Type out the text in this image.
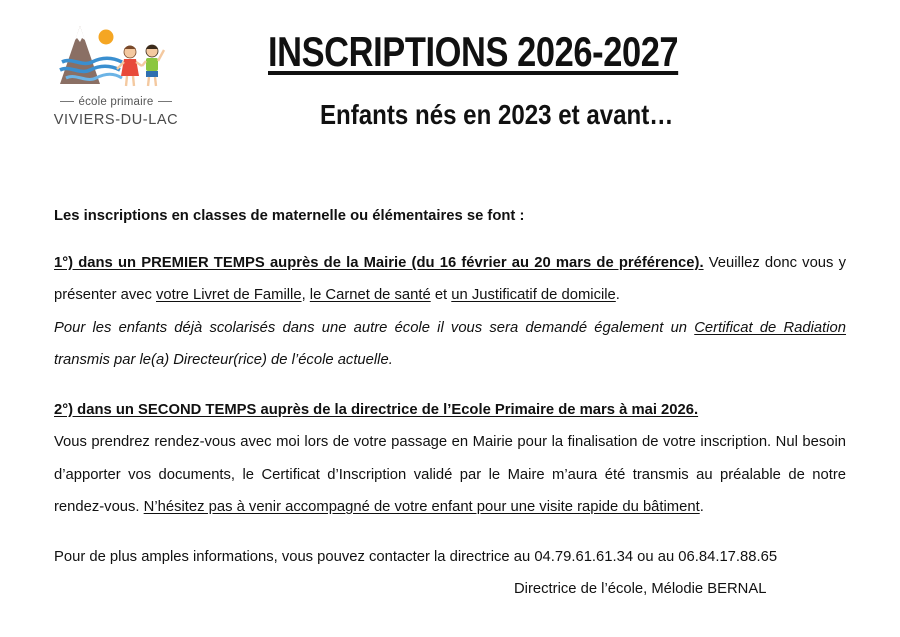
école primaire
VIVIERS-DU-LAC
INSCRIPTIONS 2026-2027
Enfants nés en 2023 et avant…

Les inscriptions en classes de maternelle ou élémentaires se font :

1°) dans un PREMIER TEMPS auprès de la Mairie (du 16 février au 20 mars de préférence). Veuillez donc vous y présenter avec votre Livret de Famille, le Carnet de santé et un Justificatif de domicile.

Pour les enfants déjà scolarisés dans une autre école il vous sera demandé également un Certificat de Radiation transmis par le(a) Directeur(rice) de l’école actuelle.

2°) dans un SECOND TEMPS auprès de la directrice de l’Ecole Primaire de mars à mai 2026.

Vous prendrez rendez-vous avec moi lors de votre passage en Mairie pour la finalisation de votre inscription. Nul besoin d’apporter vos documents, le Certificat d’Inscription validé par le Maire m’aura été transmis au préalable de notre rendez-vous. N’hésitez pas à venir accompagné de votre enfant pour une visite rapide du bâtiment.

Pour de plus amples informations, vous pouvez contacter la directrice au 04.79.61.61.34 ou au 06.84.17.88.65

Directrice de l’école, Mélodie BERNAL
